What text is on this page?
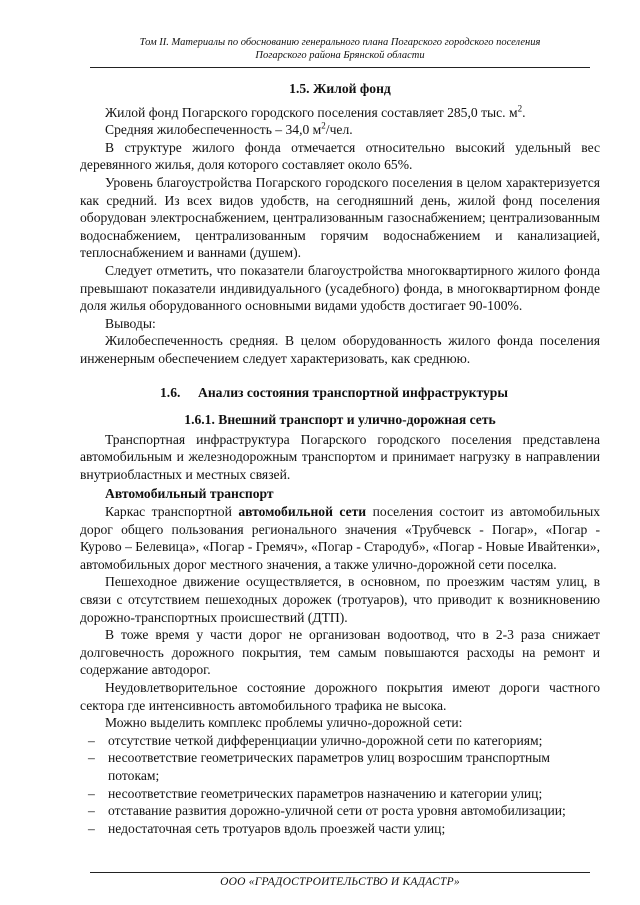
Том II. Материалы по обоснованию генерального плана Погарского городского поселения
Погарского района Брянской области

1.5. Жилой фонд

Жилой фонд Погарского городского поселения составляет 285,0 тыс. $м^2$.

Средняя жилобеспеченность – 34,0 $м^2$/чел.

В структуре жилого фонда отмечается относительно высокий удельный вес деревянного жилья, доля которого составляет около 65%.

Уровень благоустройства Погарского городского поселения в целом характеризуется как средний. Из всех видов удобств, на сегодняшний день, жилой фонд поселения оборудован электроснабжением, централизованным газоснабжением; централизованным водоснабжением, централизованным горячим водоснабжением и канализацией, теплоснабжением и ваннами (душем).

Следует отметить, что показатели благоустройства многоквартирного жилого фонда превышают показатели индивидуального (усадебного) фонда, в многоквартирном фонде доля жилья оборудованного основными видами удобств достигает 90-100%.

Выводы:

Жилобеспеченность средняя. В целом оборудованность жилого фонда поселения инженерным обеспечением следует характеризовать, как среднюю.

1.6. Анализ состояния транспортной инфраструктуры

1.6.1. Внешний транспорт и улично-дорожная сеть

Транспортная инфраструктура Погарского городского поселения представлена автомобильным и железнодорожным транспортом и принимает нагрузку в направлении внутриобластных и местных связей.

Автомобильный транспорт

Каркас транспортной автомобильной сети поселения состоит из автомобильных дорог общего пользования регионального значения «Трубчевск - Погар», «Погар - Куровo – Белевица», «Погар - Гремяч», «Погар - Стародуб», «Погар - Новые Ивайтенки», автомобильных дорог местного значения, а также улично-дорожной сети поселка.

Пешеходное движение осуществляется, в основном, по проезжим частям улиц, в связи с отсутствием пешеходных дорожек (тротуаров), что приводит к возникновению дорожно-транспортных происшествий (ДТП).

В тоже время у части дорог не организован водоотвод, что в 2-3 раза снижает долговечность дорожного покрытия, тем самым повышаются расходы на ремонт и содержание автодорог.

Неудовлетворительное состояние дорожного покрытия имеют дороги частного сектора где интенсивность автомобильного трафика не высока.

Можно выделить комплекс проблемы улично-дорожной сети:

– отсутствие четкой дифференциации улично-дорожной сети по категориям;
– несоответствие геометрических параметров улиц возросшим транспортным потокам;
– несоответствие геометрических параметров назначению и категории улиц;
– отставание развития дорожно-уличной сети от роста уровня автомобилизации;
– недостаточная сеть тротуаров вдоль проезжей части улиц;
ООО «ГРАДОСТРОИТЕЛЬСТВО И КАДАСТР»
